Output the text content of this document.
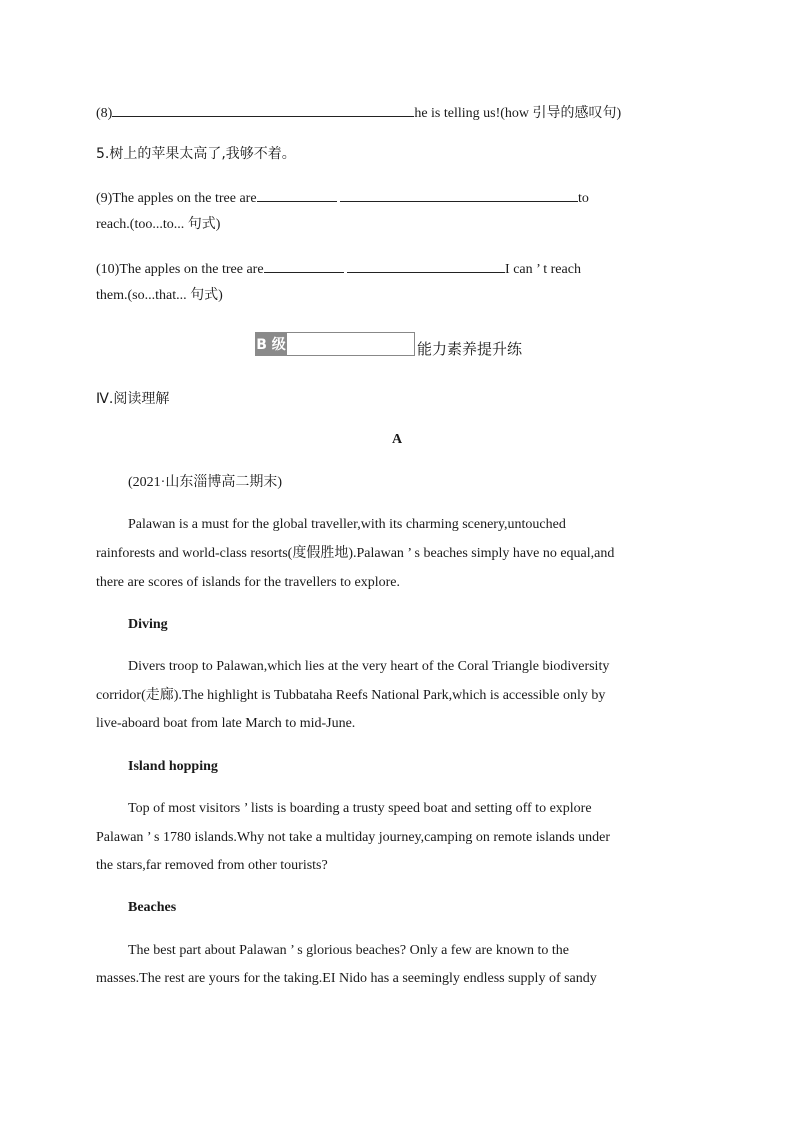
(8)	he is telling us!(how 引导的感叹句)
5.树上的苹果太高了,我够不着。
(9)The apples on the tree are	to
reach.(too...to... 句式)
(10)The apples on the tree are	I can ’ t reach
them.(so...that... 句式)
B 级	能力素养提升练
Ⅳ.阅读理解
A
(2021·山东淄博高二期末)
Palawan is a must for the global traveller,with its charming scenery,untouched
rainforests and world-class resorts(度假胜地).Palawan ’ s beaches simply have no equal,and
there are scores of islands for the travellers to explore.
Diving
Divers troop to Palawan,which lies at the very heart of the Coral Triangle biodiversity
corridor(走廊).The highlight is Tubbataha Reefs National Park,which is accessible only by
live-aboard boat from late March to mid-June.
Island hopping
Top of most visitors ’ lists is boarding a trusty speed boat and setting off to explore
Palawan ’ s 1780 islands.Why not take a multiday journey,camping on remote islands under
the stars,far removed from other tourists?
Beaches
The best part about Palawan ’ s glorious beaches? Only a few are known to the
masses.The rest are yours for the taking.EI Nido has a seemingly endless supply of sandy
